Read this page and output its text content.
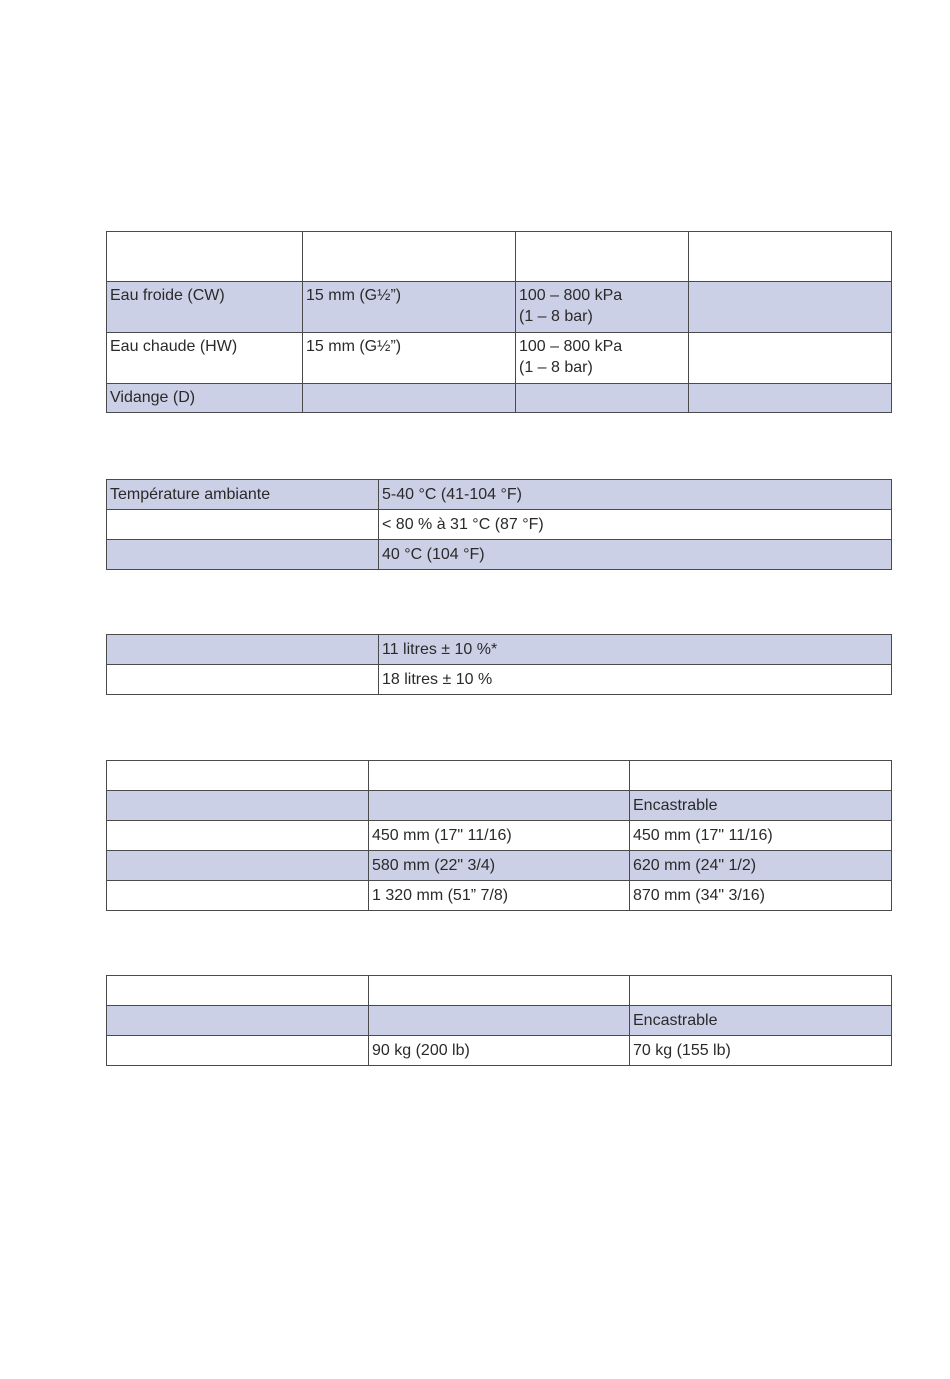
Eau froide (CW)	15 mm (G½”)	100 – 800 kPa
(1 – 8 bar)	
Eau chaude (HW)	15 mm (G½”)	100 – 800 kPa
(1 – 8 bar)	
Vidange (D)			
Température ambiante	5-40 °C (41-104 °F)
	< 80 % à 31 °C (87 °F)
	40 °C (104 °F)
	11 litres ± 10 %*
	18 litres ± 10 %

		Encastrable
	450 mm (17" 11/16)	450 mm (17" 11/16)
	580 mm (22" 3/4)	620 mm (24" 1/2)
	1 320 mm (51” 7/8)	870 mm (34" 3/16)

		Encastrable
	90 kg (200 lb)	70 kg (155 lb)
